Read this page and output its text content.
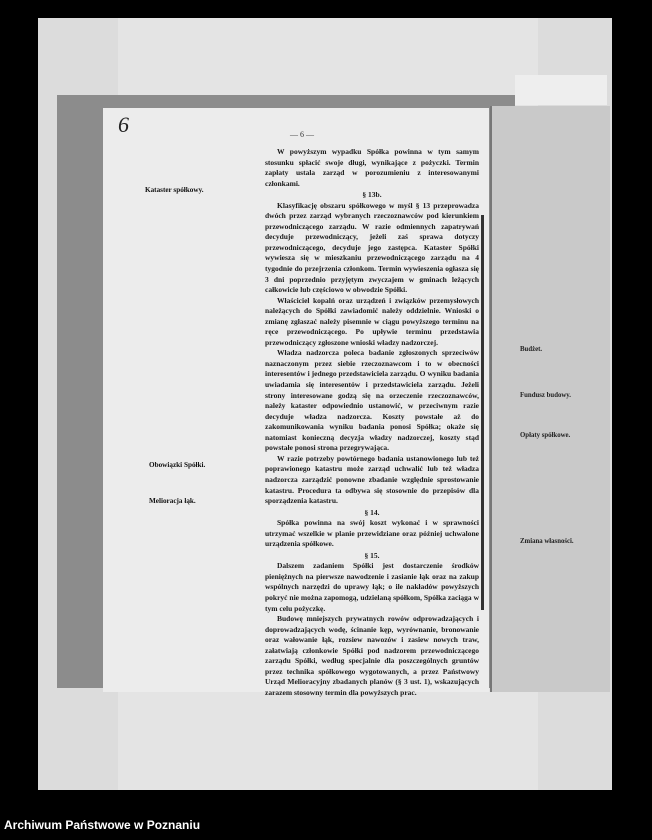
Budżet.
Fundusz budowy.
Opłaty spółkowe.
Zmiana własności.
6	— 6 —
Kataster spółkowy.
Obowiązki Spółki.
Melioracja łąk.

W powyższym wypadku Spółka powinna w tym samym stosunku spłacić swoje długi, wynikające z pożyczki. Termin zapłaty ustala zarząd w porozumieniu z interesowanymi członkami.

§ 13b.

Klasyfikację obszaru spółkowego w myśl § 13 przeprowadza dwóch przez zarząd wybranych rzeczoznawców pod kierunkiem przewodniczącego zarządu. W razie odmiennych zapatrywań decyduje przewodniczący, jeżeli zaś sprawa dotyczy przewodniczącego, decyduje jego zastępca. Kataster Spółki wywiesza się w mieszkaniu przewodniczącego zarządu na 4 tygodnie do przejrzenia członkom. Termin wywieszenia ogłasza się 3 dni poprzednio przyjętym zwyczajem w gminach leżących całkowicie lub częściowo w obwodzie Spółki.

Właściciel kopalń oraz urządzeń i związków przemysłowych należących do Spółki zawiadomić należy oddzielnie. Wnioski o zmianę zgłaszać należy pisemnie w ciągu powyższego terminu na ręce przewodniczącego. Po upływie terminu przedstawia przewodniczący zgłoszone wnioski władzy nadzorczej.

Władza nadzorcza poleca badanie zgłoszonych sprzeciwów naznaczonym przez siebie rzeczoznawcom i to w obecności interesentów i jednego przedstawiciela zarządu. O wyniku badania uwiadamia się interesentów i przedstawiciela zarządu. Jeżeli strony interesowane godzą się na orzeczenie rzeczoznawców, należy kataster odpowiednio ustanowić, w przeciwnym razie decyduje władza nadzorcza. Koszty powstałe aż do zakomunikowania wyniku badania ponosi Spółka; okaże się natomiast konieczną decyzja władzy nadzorczej, koszty stąd powstałe ponosi strona przegrywająca.

W razie potrzeby powtórnego badania ustanowionego lub też poprawionego katastru może zarząd uchwalić lub też władza nadzorcza zarządzić ponowne zbadanie względnie sprostowanie katastru. Procedura ta odbywa się stosownie do przepisów dla sporządzenia katastru.

§ 14.

Spółka powinna na swój koszt wykonać i w sprawności utrzymać wszelkie w planie przewidziane oraz później uchwalone urządzenia spółkowe.

§ 15.

Dalszem zadaniem Spółki jest dostarczenie środków pieniężnych na pierwsze nawodzenie i zasianie łąk oraz na zakup wspólnych narzędzi do uprawy łąk; o ile nakładów powyższych pokryć nie można zapomogą, udzielaną spółkom, Spółka zaciąga w tym celu pożyczkę.

Budowę mniejszych prywatnych rowów odprowadzających i doprowadzających wodę, ścinanie kęp, wyrównanie, bronowanie oraz wałowanie łąk, rozsiew nawozów i zasiew nowych traw, załatwiają członkowie Spółki pod nadzorem przewodniczącego zarządu Spółki, według specjalnie dla poszczególnych gruntów przez technika spółkowego wygotowanych, a przez Państwowy Urząd Melioracyjny zbadanych planów (§ 3 ust. 1), wskazujących zarazem stosowny termin dla powyższych prac.

Archiwum Państwowe w Poznaniu
